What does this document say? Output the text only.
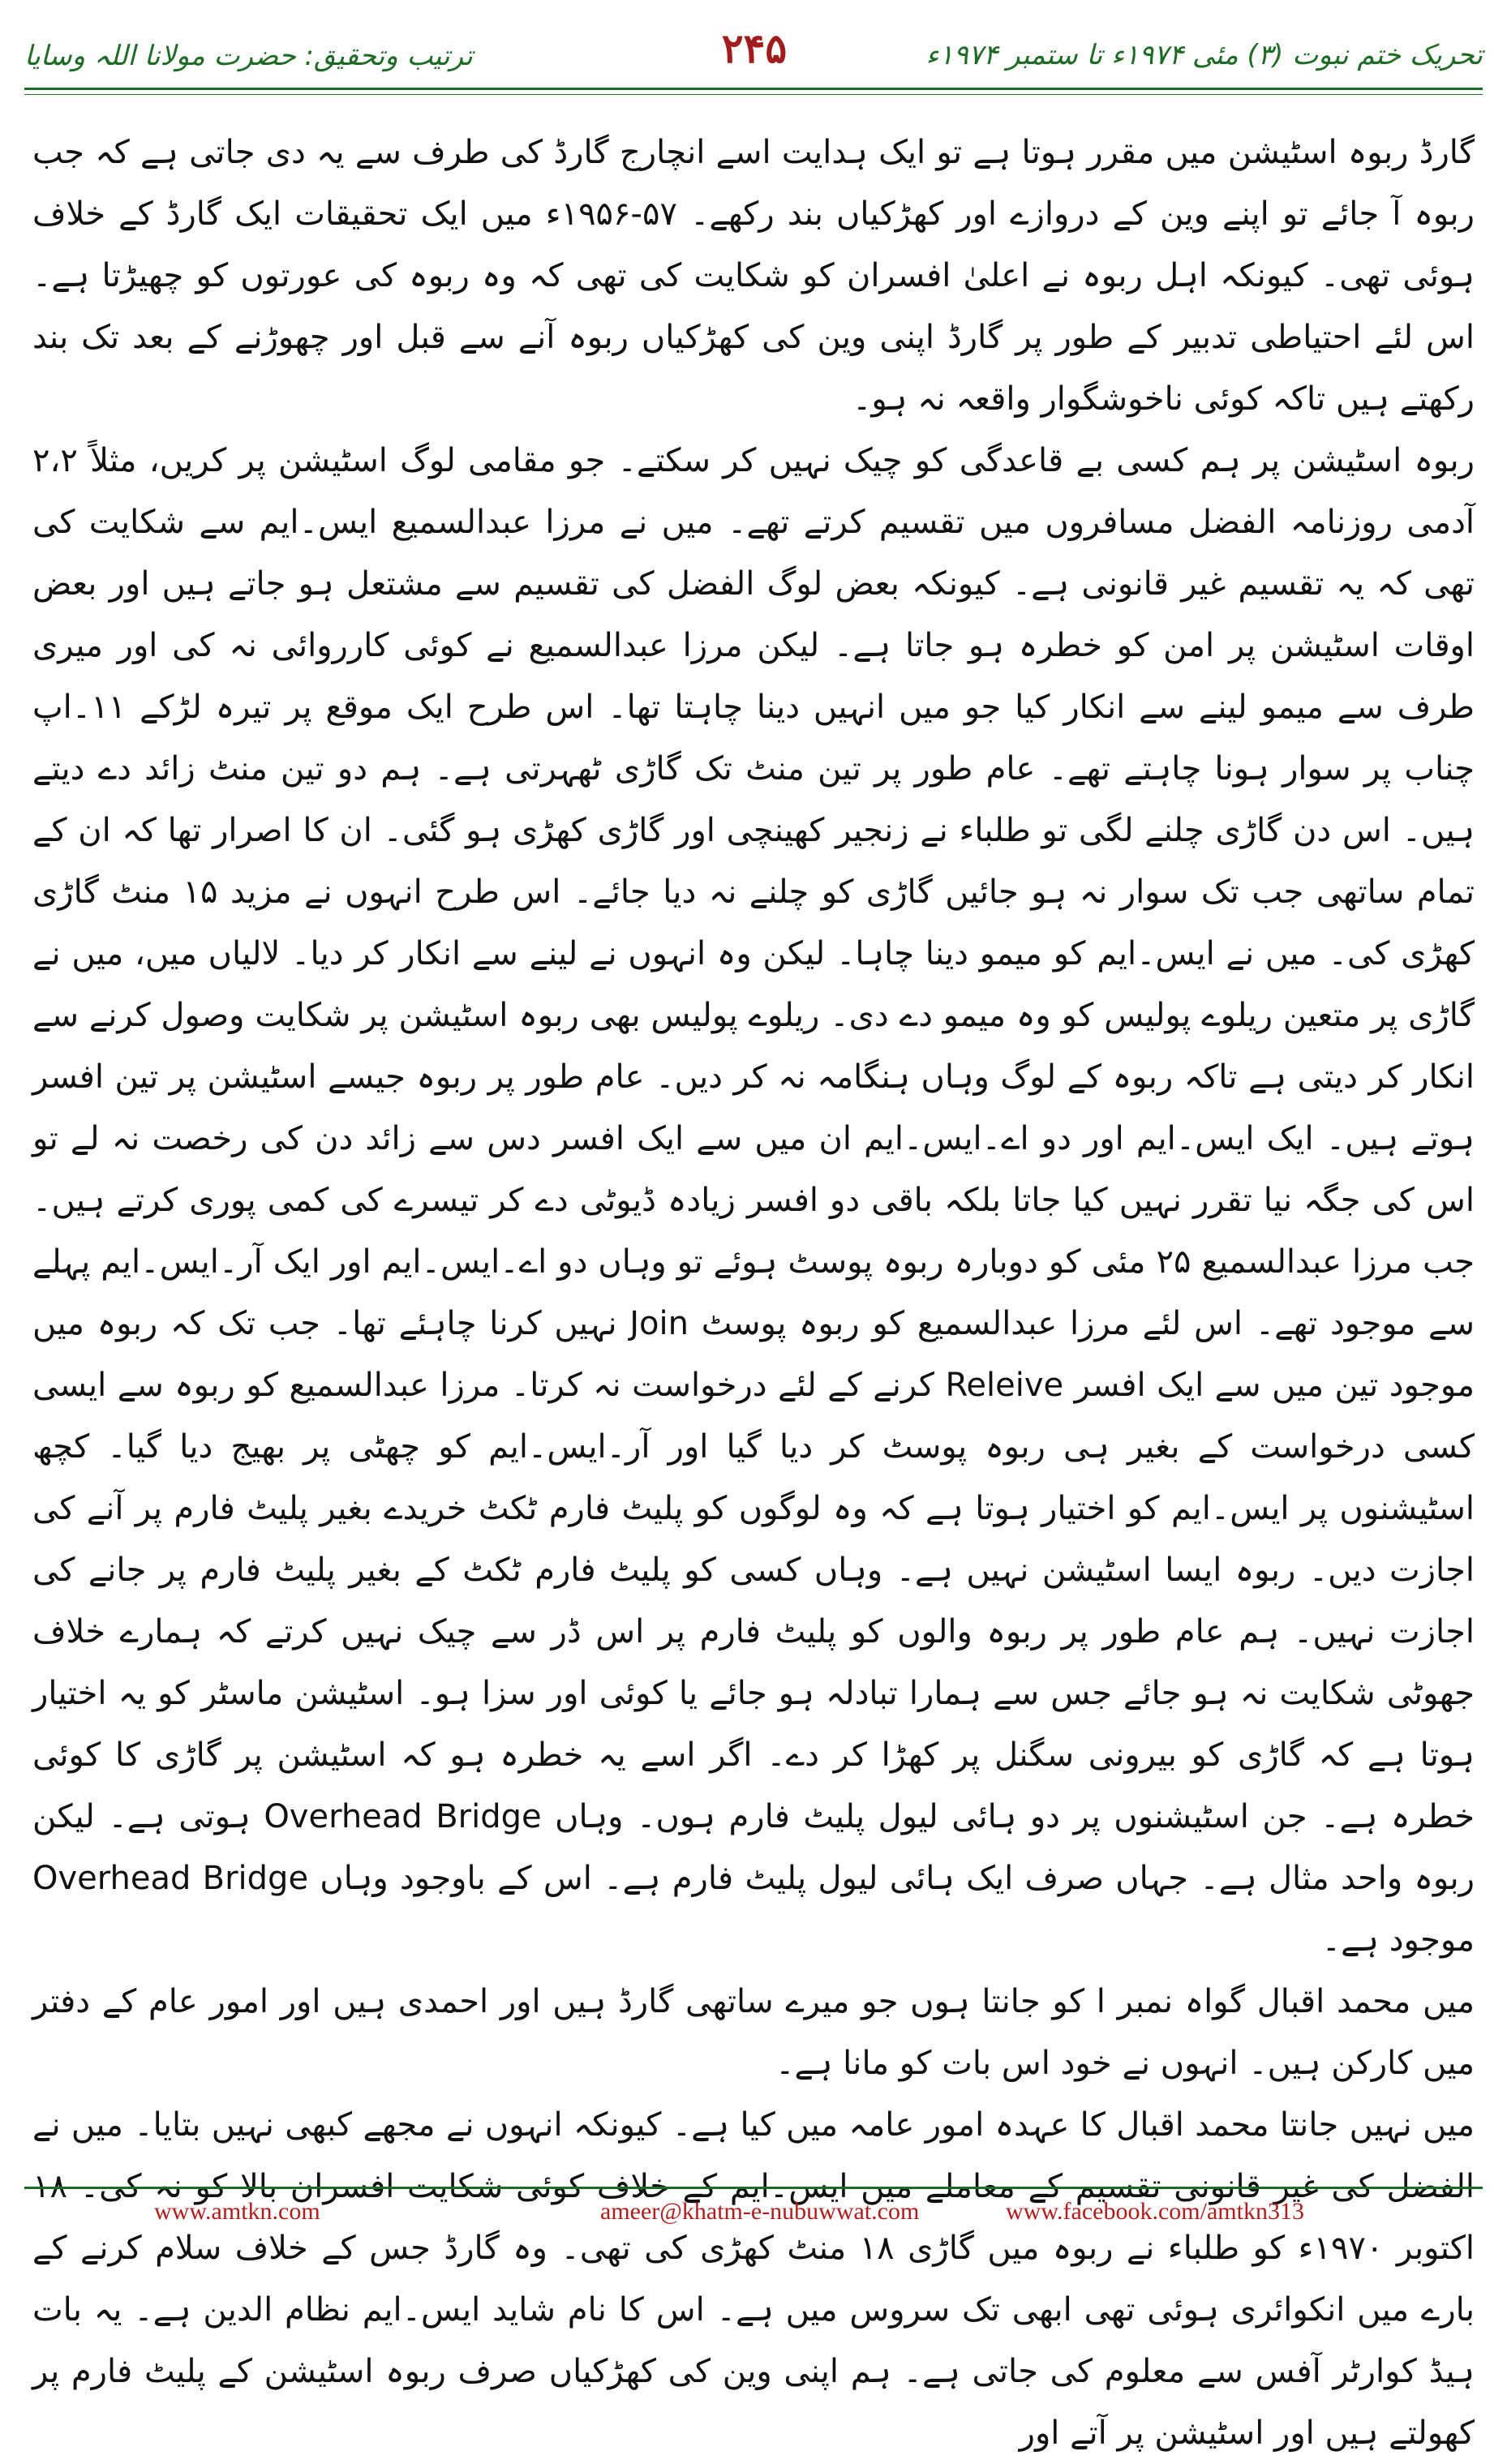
ترتیب وتحقیق: حضرت مولانا اللہ وسایا	۲۴۵	تحریک ختم نبوت (۳) مئی ۱۹۷۴ء تا ستمبر ۱۹۷۴ء

گارڈ ربوہ اسٹیشن میں مقرر ہوتا ہے تو ایک ہدایت اسے انچارج گارڈ کی طرف سے یہ دی جاتی ہے کہ جب ربوہ آ جائے تو اپنے وین کے دروازے اور کھڑکیاں بند رکھے۔ ۵۷-۱۹۵۶ء میں ایک تحقیقات ایک گارڈ کے خلاف ہوئی تھی۔ کیونکہ اہل ربوہ نے اعلیٰ افسران کو شکایت کی تھی کہ وہ ربوہ کی عورتوں کو چھیڑتا ہے۔ اس لئے احتیاطی تدبیر کے طور پر گارڈ اپنی وین کی کھڑکیاں ربوہ آنے سے قبل اور چھوڑنے کے بعد تک بند رکھتے ہیں تاکہ کوئی ناخوشگوار واقعہ نہ ہو۔

ربوہ اسٹیشن پر ہم کسی بے قاعدگی کو چیک نہیں کر سکتے۔ جو مقامی لوگ اسٹیشن پر کریں، مثلاً ۲،۲ آدمی روزنامہ الفضل مسافروں میں تقسیم کرتے تھے۔ میں نے مرزا عبدالسمیع ایس۔ایم سے شکایت کی تھی کہ یہ تقسیم غیر قانونی ہے۔ کیونکہ بعض لوگ الفضل کی تقسیم سے مشتعل ہو جاتے ہیں اور بعض اوقات اسٹیشن پر امن کو خطرہ ہو جاتا ہے۔ لیکن مرزا عبدالسمیع نے کوئی کارروائی نہ کی اور میری طرف سے میمو لینے سے انکار کیا جو میں انہیں دینا چاہتا تھا۔ اس طرح ایک موقع پر تیرہ لڑکے ۱۱۔اپ چناب پر سوار ہونا چاہتے تھے۔ عام طور پر تین منٹ تک گاڑی ٹھہرتی ہے۔ ہم دو تین منٹ زائد دے دیتے ہیں۔ اس دن گاڑی چلنے لگی تو طلباء نے زنجیر کھینچی اور گاڑی کھڑی ہو گئی۔ ان کا اصرار تھا کہ ان کے تمام ساتھی جب تک سوار نہ ہو جائیں گاڑی کو چلنے نہ دیا جائے۔ اس طرح انہوں نے مزید ۱۵ منٹ گاڑی کھڑی کی۔ میں نے ایس۔ایم کو میمو دینا چاہا۔ لیکن وہ انہوں نے لینے سے انکار کر دیا۔ لالیاں میں، میں نے گاڑی پر متعین ریلوے پولیس کو وہ میمو دے دی۔ ریلوے پولیس بھی ربوہ اسٹیشن پر شکایت وصول کرنے سے انکار کر دیتی ہے تاکہ ربوہ کے لوگ وہاں ہنگامہ نہ کر دیں۔ عام طور پر ربوہ جیسے اسٹیشن پر تین افسر ہوتے ہیں۔ ایک ایس۔ایم اور دو اے۔ایس۔ایم ان میں سے ایک افسر دس سے زائد دن کی رخصت نہ لے تو اس کی جگہ نیا تقرر نہیں کیا جاتا بلکہ باقی دو افسر زیادہ ڈیوٹی دے کر تیسرے کی کمی پوری کرتے ہیں۔ جب مرزا عبدالسمیع ۲۵ مئی کو دوبارہ ربوہ پوسٹ ہوئے تو وہاں دو اے۔ایس۔ایم اور ایک آر۔ایس۔ایم پہلے سے موجود تھے۔ اس لئے مرزا عبدالسمیع کو ربوہ پوسٹ Join نہیں کرنا چاہئے تھا۔ جب تک کہ ربوہ میں موجود تین میں سے ایک افسر Releive کرنے کے لئے درخواست نہ کرتا۔ مرزا عبدالسمیع کو ربوہ سے ایسی کسی درخواست کے بغیر ہی ربوہ پوسٹ کر دیا گیا اور آر۔ایس۔ایم کو چھٹی پر بھیج دیا گیا۔ کچھ اسٹیشنوں پر ایس۔ایم کو اختیار ہوتا ہے کہ وہ لوگوں کو پلیٹ فارم ٹکٹ خریدے بغیر پلیٹ فارم پر آنے کی اجازت دیں۔ ربوہ ایسا اسٹیشن نہیں ہے۔ وہاں کسی کو پلیٹ فارم ٹکٹ کے بغیر پلیٹ فارم پر جانے کی اجازت نہیں۔ ہم عام طور پر ربوہ والوں کو پلیٹ فارم پر اس ڈر سے چیک نہیں کرتے کہ ہمارے خلاف جھوٹی شکایت نہ ہو جائے جس سے ہمارا تبادلہ ہو جائے یا کوئی اور سزا ہو۔ اسٹیشن ماسٹر کو یہ اختیار ہوتا ہے کہ گاڑی کو بیرونی سگنل پر کھڑا کر دے۔ اگر اسے یہ خطرہ ہو کہ اسٹیشن پر گاڑی کا کوئی خطرہ ہے۔ جن اسٹیشنوں پر دو ہائی لیول پلیٹ فارم ہوں۔ وہاں Overhead Bridge ہوتی ہے۔ لیکن ربوہ واحد مثال ہے۔ جہاں صرف ایک ہائی لیول پلیٹ فارم ہے۔ اس کے باوجود وہاں Overhead Bridge موجود ہے۔

میں محمد اقبال گواہ نمبر ا کو جانتا ہوں جو میرے ساتھی گارڈ ہیں اور احمدی ہیں اور امور عام کے دفتر میں کارکن ہیں۔ انہوں نے خود اس بات کو مانا ہے۔

میں نہیں جانتا محمد اقبال کا عہدہ امور عامہ میں کیا ہے۔ کیونکہ انہوں نے مجھے کبھی نہیں بتایا۔ میں نے الفضل کی غیر قانونی تقسیم کے معاملے میں ایس۔ایم کے خلاف کوئی شکایت افسران بالا کو نہ کی۔ ۱۸ اکتوبر ۱۹۷۰ء کو طلباء نے ربوہ میں گاڑی ۱۸ منٹ کھڑی کی تھی۔ وہ گارڈ جس کے خلاف سلام کرنے کے بارے میں انکوائری ہوئی تھی ابھی تک سروس میں ہے۔ اس کا نام شاید ایس۔ایم نظام الدین ہے۔ یہ بات ہیڈ کوارٹر آفس سے معلوم کی جاتی ہے۔ ہم اپنی وین کی کھڑکیاں صرف ربوہ اسٹیشن کے پلیٹ فارم پر کھولتے ہیں اور اسٹیشن پر آتے اور

www.amtkn.com	ameer@khatm-e-nubuwwat.com	www.facebook.com/amtkn313
